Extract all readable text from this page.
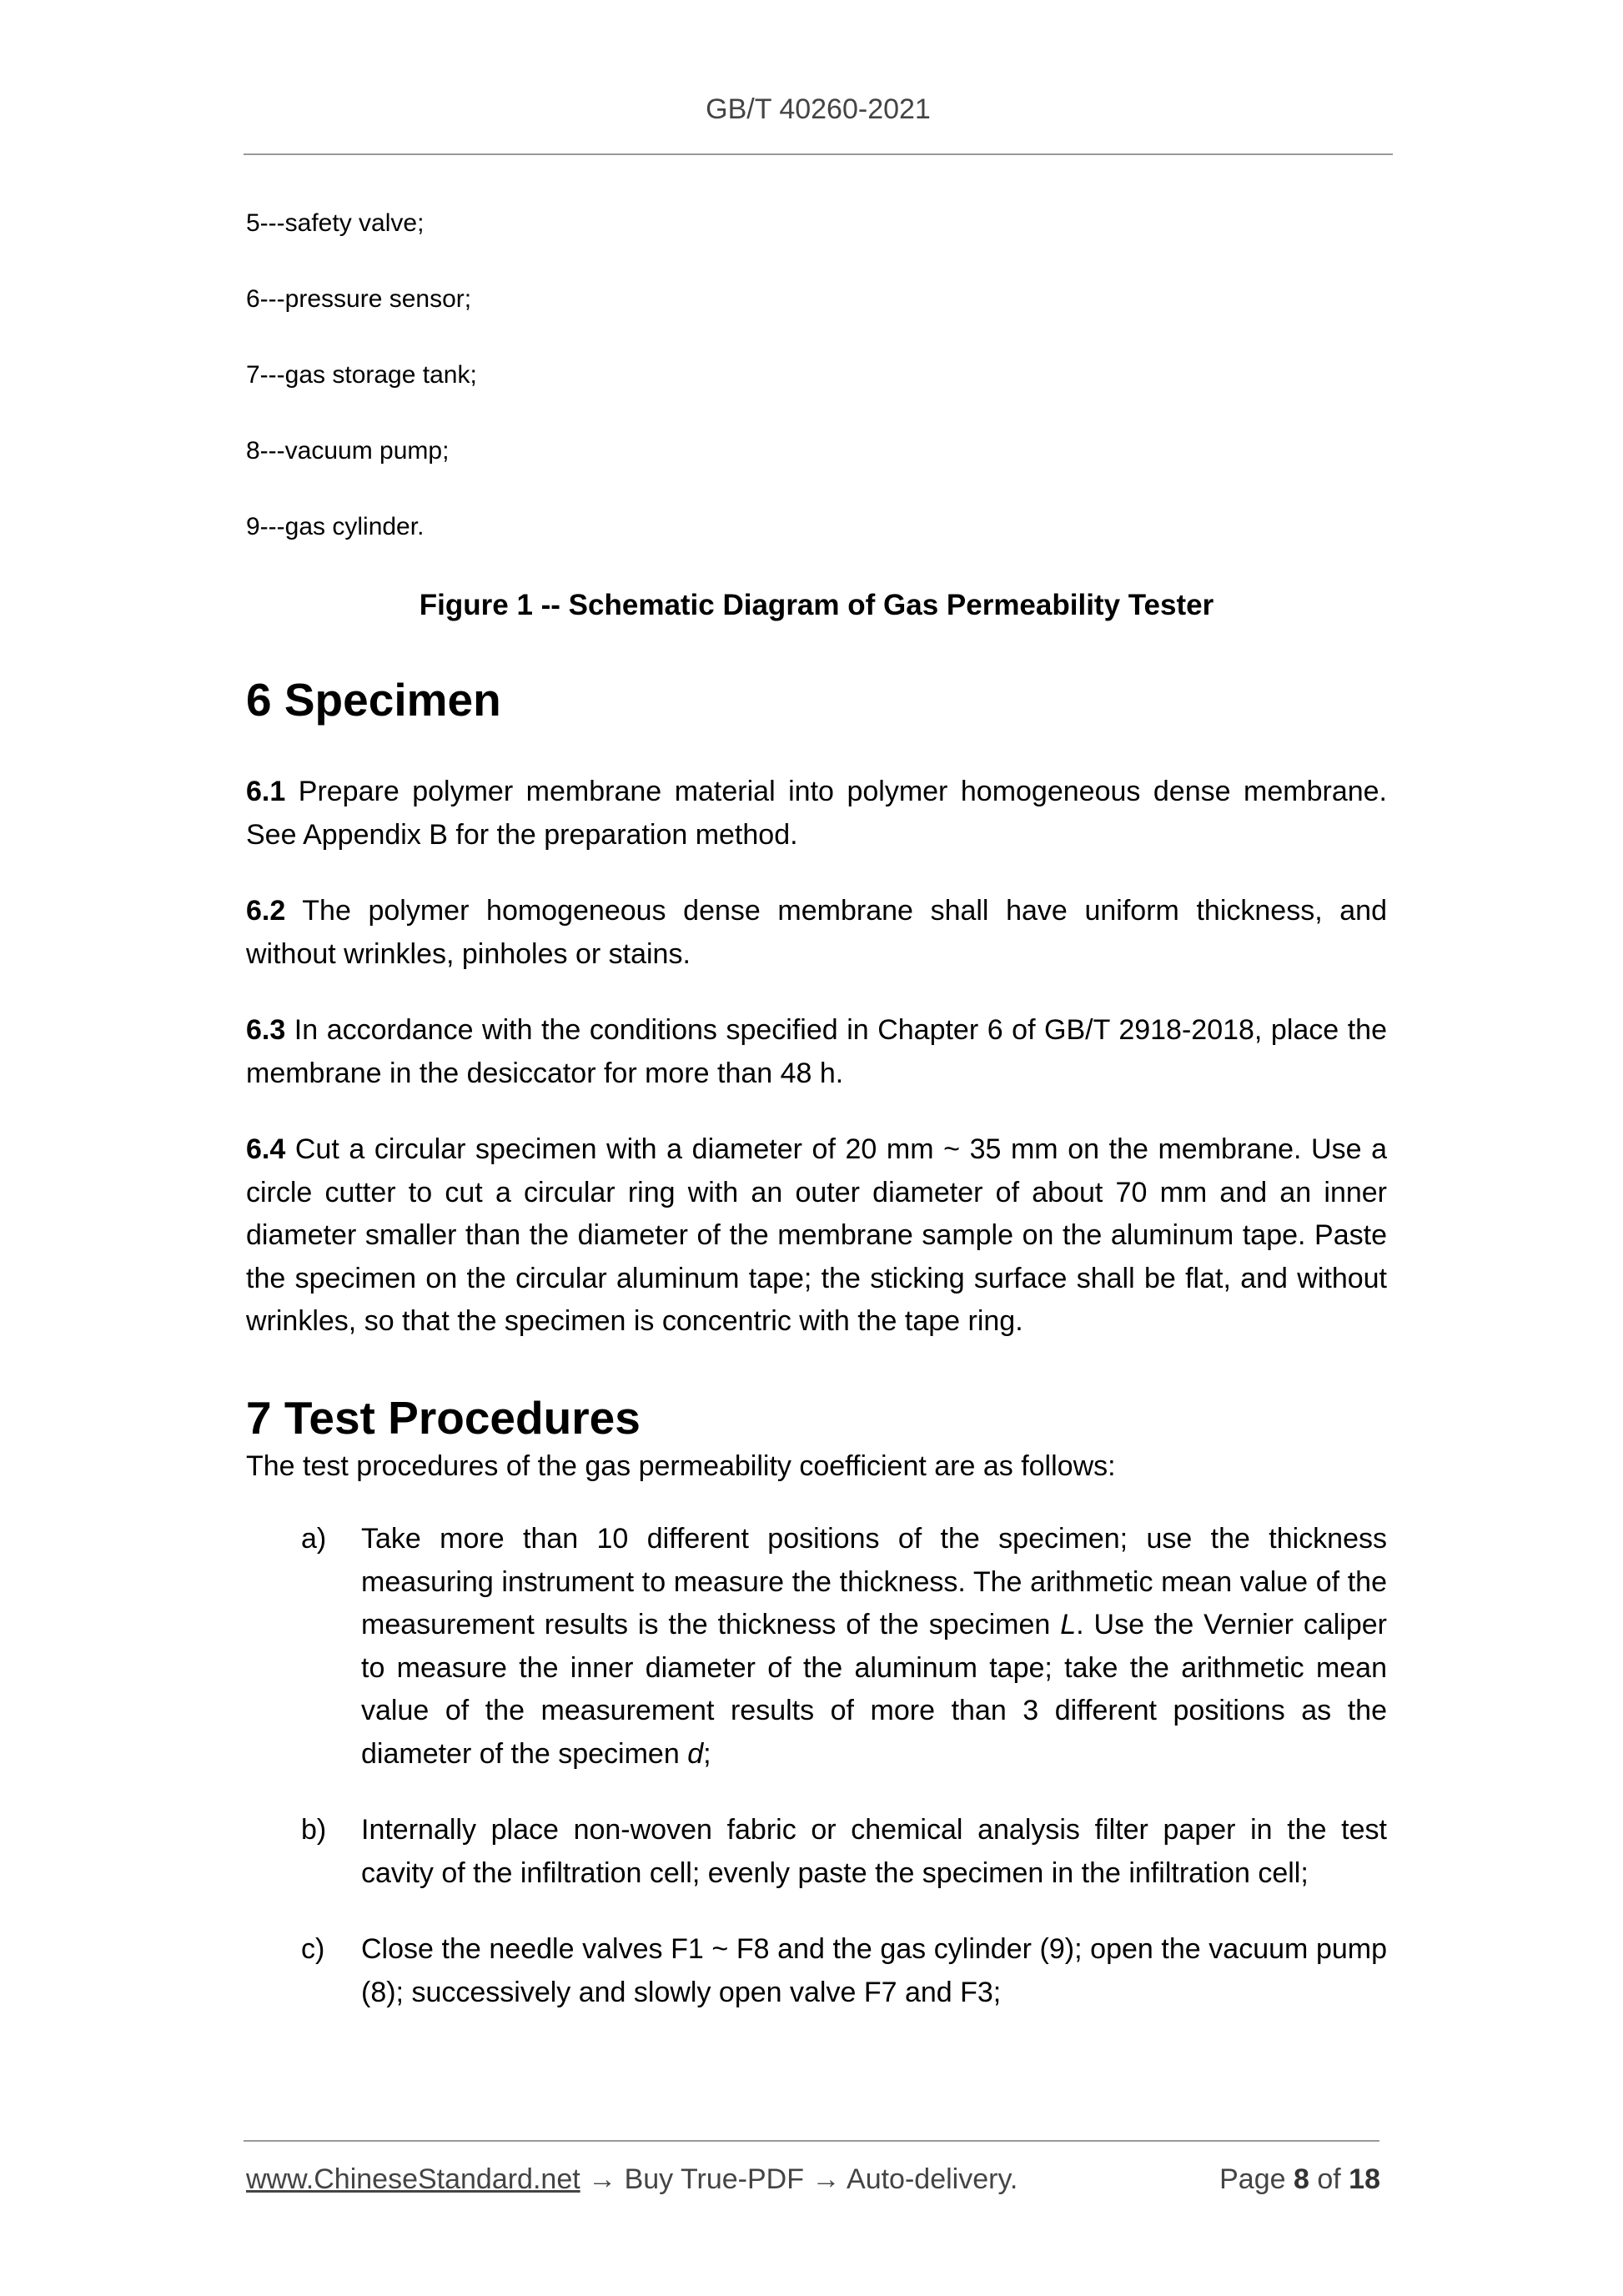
GB/T 40260-2021
5---safety valve;
6---pressure sensor;
7---gas storage tank;
8---vacuum pump;
9---gas cylinder.
Figure 1 -- Schematic Diagram of Gas Permeability Tester
6 Specimen

6.1 Prepare polymer membrane material into polymer homogeneous dense membrane. See Appendix B for the preparation method.

6.2 The polymer homogeneous dense membrane shall have uniform thickness, and without wrinkles, pinholes or stains.

6.3 In accordance with the conditions specified in Chapter 6 of GB/T 2918-2018, place the membrane in the desiccator for more than 48 h.

6.4 Cut a circular specimen with a diameter of 20 mm ~ 35 mm on the membrane. Use a circle cutter to cut a circular ring with an outer diameter of about 70 mm and an inner diameter smaller than the diameter of the membrane sample on the aluminum tape. Paste the specimen on the circular aluminum tape; the sticking surface shall be flat, and without wrinkles, so that the specimen is concentric with the tape ring.

7 Test Procedures

The test procedures of the gas permeability coefficient are as follows:

a)	Take more than 10 different positions of the specimen; use the thickness measuring instrument to measure the thickness. The arithmetic mean value of the measurement results is the thickness of the specimen L. Use the Vernier caliper to measure the inner diameter of the aluminum tape; take the arithmetic mean value of the measurement results of more than 3 different positions as the diameter of the specimen d;
b)	Internally place non-woven fabric or chemical analysis filter paper in the test cavity of the infiltration cell; evenly paste the specimen in the infiltration cell;
c)	Close the needle valves F1 ~ F8 and the gas cylinder (9); open the vacuum pump (8); successively and slowly open valve F7 and F3;
www.ChineseStandard.net → Buy True-PDF → Auto-delivery.	Page 8 of 18
